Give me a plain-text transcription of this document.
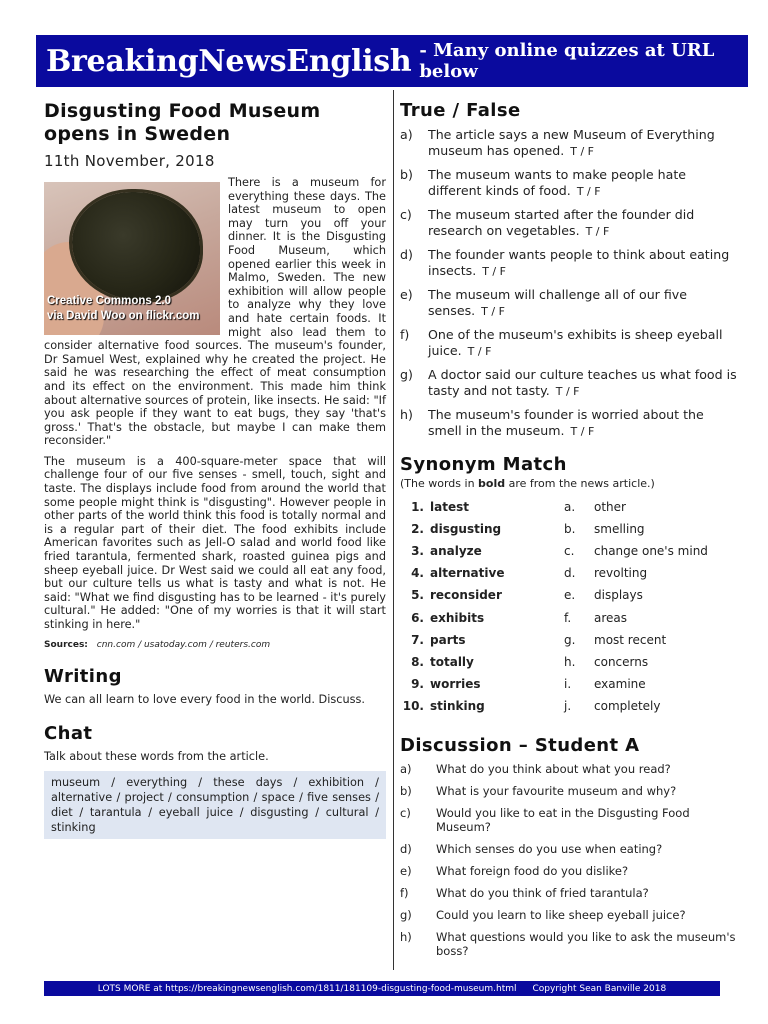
BreakingNewsEnglish - Many online quizzes at URL below
Disgusting Food Museum opens in Sweden
11th November, 2018
Creative Commons 2.0
via David Woo on flickr.com

There is a museum for everything these days. The latest museum to open may turn you off your dinner. It is the Disgusting Food Museum, which opened earlier this week in Malmo, Sweden. The new exhibition will allow people to analyze why they love and hate certain foods. It might also lead them to consider alternative food sources. The museum's founder, Dr Samuel West, explained why he created the project. He said he was researching the effect of meat consumption and its effect on the environment. This made him think about alternative sources of protein, like insects. He said: "If you ask people if they want to eat bugs, they say 'that's gross.' That's the obstacle, but maybe I can make them reconsider."

The museum is a 400-square-meter space that will challenge four of our five senses - smell, touch, sight and taste. The displays include food from around the world that some people might think is "disgusting". However people in other parts of the world think this food is totally normal and is a regular part of their diet. The food exhibits include American favorites such as Jell-O salad and world food like fried tarantula, fermented shark, roasted guinea pigs and sheep eyeball juice. Dr West said we could all eat any food, but our culture tells us what is tasty and what is not. He said: "What we find disgusting has to be learned - it's purely cultural." He added: "One of my worries is that it will start stinking in here."

Sources: cnn.com / usatoday.com / reuters.com
Writing
We can all learn to love every food in the world. Discuss.
Chat
Talk about these words from the article.
museum / everything / these days / exhibition / alternative / project / consumption / space / five senses / diet / tarantula / eyeball juice / disgusting / cultural / stinking
True / False
a)	The article says a new Museum of Everything museum has opened. T / F
b)	The museum wants to make people hate different kinds of food. T / F
c)	The museum started after the founder did research on vegetables. T / F
d)	The founder wants people to think about eating insects. T / F
e)	The museum will challenge all of our five senses. T / F
f)	One of the museum's exhibits is sheep eyeball juice. T / F
g)	A doctor said our culture teaches us what food is tasty and not tasty. T / F
h)	The museum's founder is worried about the smell in the museum. T / F
Synonym Match
(The words in bold are from the news article.)
1. latest	a.	other
2. disgusting	b.	smelling
3. analyze	c.	change one's mind
4. alternative	d.	revolting
5. reconsider	e.	displays
6. exhibits	f.	areas
7. parts	g.	most recent
8. totally	h.	concerns
9. worries	i.	examine
10. stinking	j.	completely
Discussion – Student A
a)	What do you think about what you read?
b)	What is your favourite museum and why?
c)	Would you like to eat in the Disgusting Food Museum?
d)	Which senses do you use when eating?
e)	What foreign food do you dislike?
f)	What do you think of fried tarantula?
g)	Could you learn to like sheep eyeball juice?
h)	What questions would you like to ask the museum's boss?
LOTS MORE at https://breakingnewsenglish.com/1811/181109-disgusting-food-museum.html Copyright Sean Banville 2018
